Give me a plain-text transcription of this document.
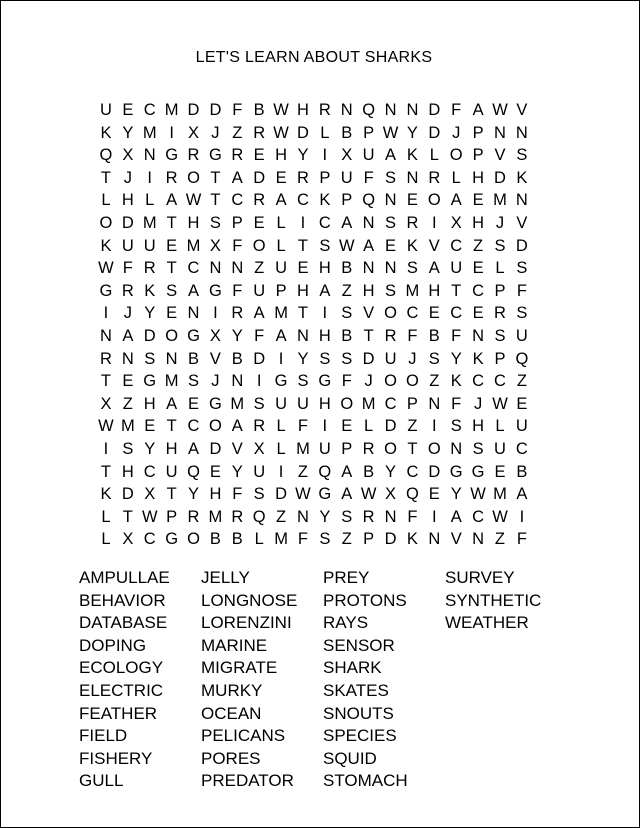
LET'S LEARN ABOUT SHARKS
U E C M D D F B W H R N Q N N D F A W V
K Y M I X J Z R W D L B P W Y D J P N N
Q X N G R G R E H Y I X U A K L O P V S
T J I R O T A D E R P U F S N R L H D K
L H L A W T C R A C K P Q N E O A E M N
O D M T H S P E L I C A N S R I X H J V
K U U E M X F O L T S W A E K V C Z S D
W F R T C N N Z U E H B N N S A U E L S
G R K S A G F U P H A Z H S M H T C P F
I J Y E N I R A M T I S V O C E C E R S
N A D O G X Y F A N H B T R F B F N S U
R N S N B V B D I Y S S D U J S Y K P Q
T E G M S J N I G S G F J O O Z K C C Z
X Z H A E G M S U U H O M C P N F J W E
W M E T C O A R L F I E L D Z I S H L U
I S Y H A D V X L M U P R O T O N S U C
T H C U Q E Y U I Z Q A B Y C D G G E B
K D X T Y H F S D W G A W X Q E Y W M A
L T W P R M R Q Z N Y S R N F I A C W I
L X C G O B B L M F S Z P D K N V N Z F
AMPULLAE
BEHAVIOR
DATABASE
DOPING
ECOLOGY
ELECTRIC
FEATHER
FIELD
FISHERY
GULL
JELLY
LONGNOSE
LORENZINI
MARINE
MIGRATE
MURKY
OCEAN
PELICANS
PORES
PREDATOR
PREY
PROTONS
RAYS
SENSOR
SHARK
SKATES
SNOUTS
SPECIES
SQUID
STOMACH
SURVEY
SYNTHETIC
WEATHER
